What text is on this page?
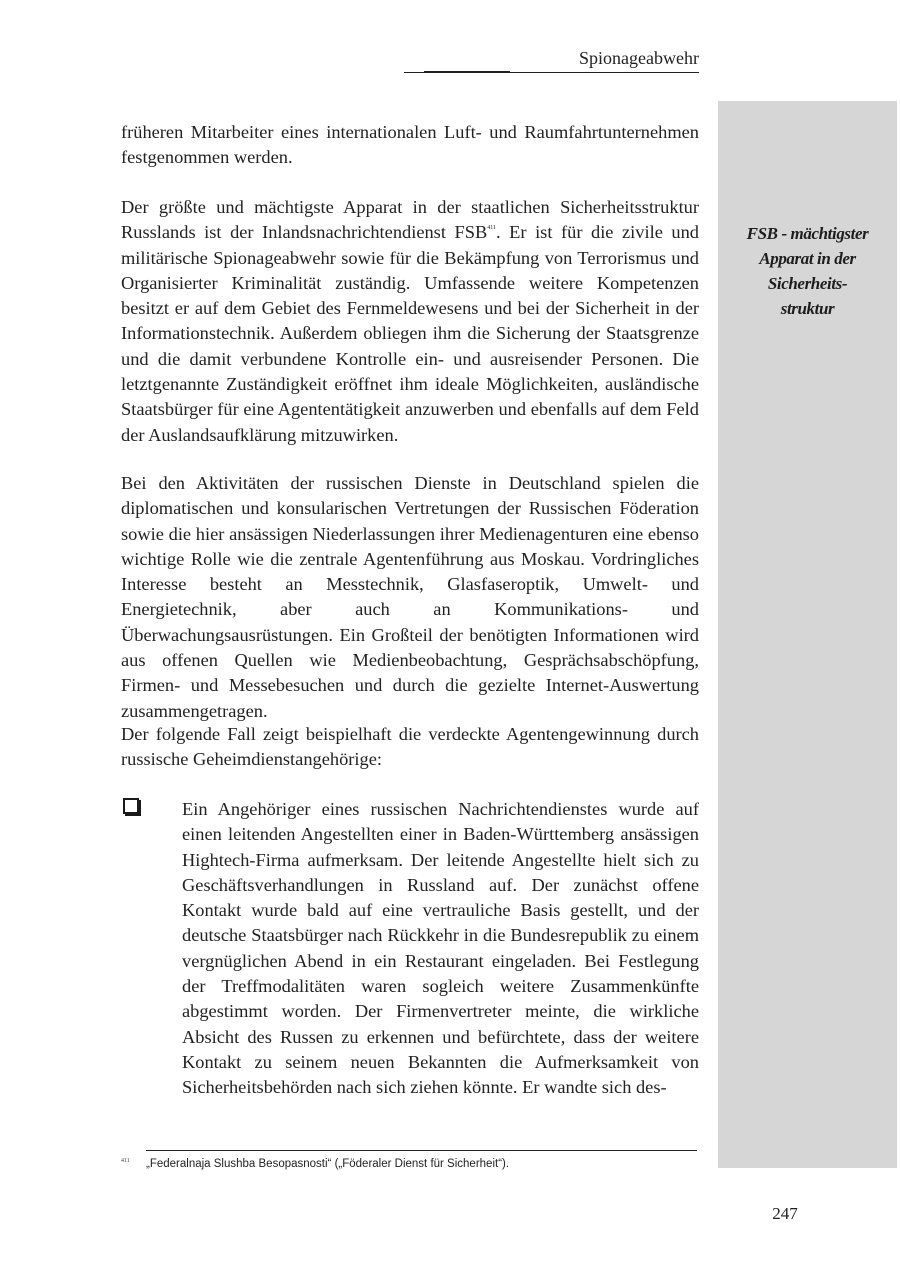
Spionageabwehr
FSB - mächtigster
Apparat in der
Sicherheits-
struktur

früheren Mitarbeiter eines internationalen Luft- und Raumfahrtunternehmen festgenommen werden.

Der größte und mächtigste Apparat in der staatlichen Sicherheitsstruktur Russlands ist der Inlandsnachrichtendienst FSB$^{411}$. Er ist für die zivile und militärische Spionageabwehr sowie für die Bekämpfung von Terrorismus und Organisierter Kriminalität zuständig. Umfassende weitere Kompetenzen besitzt er auf dem Gebiet des Fernmeldewesens und bei der Sicherheit in der Informationstechnik. Außerdem obliegen ihm die Sicherung der Staatsgrenze und die damit verbundene Kontrolle ein- und ausreisender Personen. Die letztgenannte Zuständigkeit eröffnet ihm ideale Möglichkeiten, ausländische Staatsbürger für eine Agententätigkeit anzuwerben und ebenfalls auf dem Feld der Auslandsaufklärung mitzuwirken.

Bei den Aktivitäten der russischen Dienste in Deutschland spielen die diplomatischen und konsularischen Vertretungen der Russischen Föderation sowie die hier ansässigen Niederlassungen ihrer Medienagenturen eine ebenso wichtige Rolle wie die zentrale Agentenführung aus Moskau. Vordringliches Interesse besteht an Messtechnik, Glasfaseroptik, Umwelt- und Energietechnik, aber auch an Kommunikations- und Überwachungsausrüstungen. Ein Großteil der benötigten Informationen wird aus offenen Quellen wie Medienbeobachtung, Gesprächsabschöpfung, Firmen- und Messebesuchen und durch die gezielte Internet-Auswertung zusammengetragen.

Der folgende Fall zeigt beispielhaft die verdeckte Agentengewinnung durch russische Geheimdienstangehörige:

Ein Angehöriger eines russischen Nachrichtendienstes wurde auf einen leitenden Angestellten einer in Baden-Württemberg ansässigen Hightech-Firma aufmerksam. Der leitende Angestellte hielt sich zu Geschäftsverhandlungen in Russland auf. Der zunächst offene Kontakt wurde bald auf eine vertrauliche Basis gestellt, und der deutsche Staatsbürger nach Rückkehr in die Bundesrepublik zu einem vergnüglichen Abend in ein Restaurant eingeladen. Bei Festlegung der Treffmodalitäten waren sogleich weitere Zusammenkünfte abgestimmt worden. Der Firmenvertreter meinte, die wirkliche Absicht des Russen zu erkennen und befürchtete, dass der weitere Kontakt zu seinem neuen Bekannten die Aufmerksamkeit von Sicherheitsbehörden nach sich ziehen könnte. Er wandte sich des-

411 „Federalnaja Slushba Besopasnosti“ („Föderaler Dienst für Sicherheit“).
247
